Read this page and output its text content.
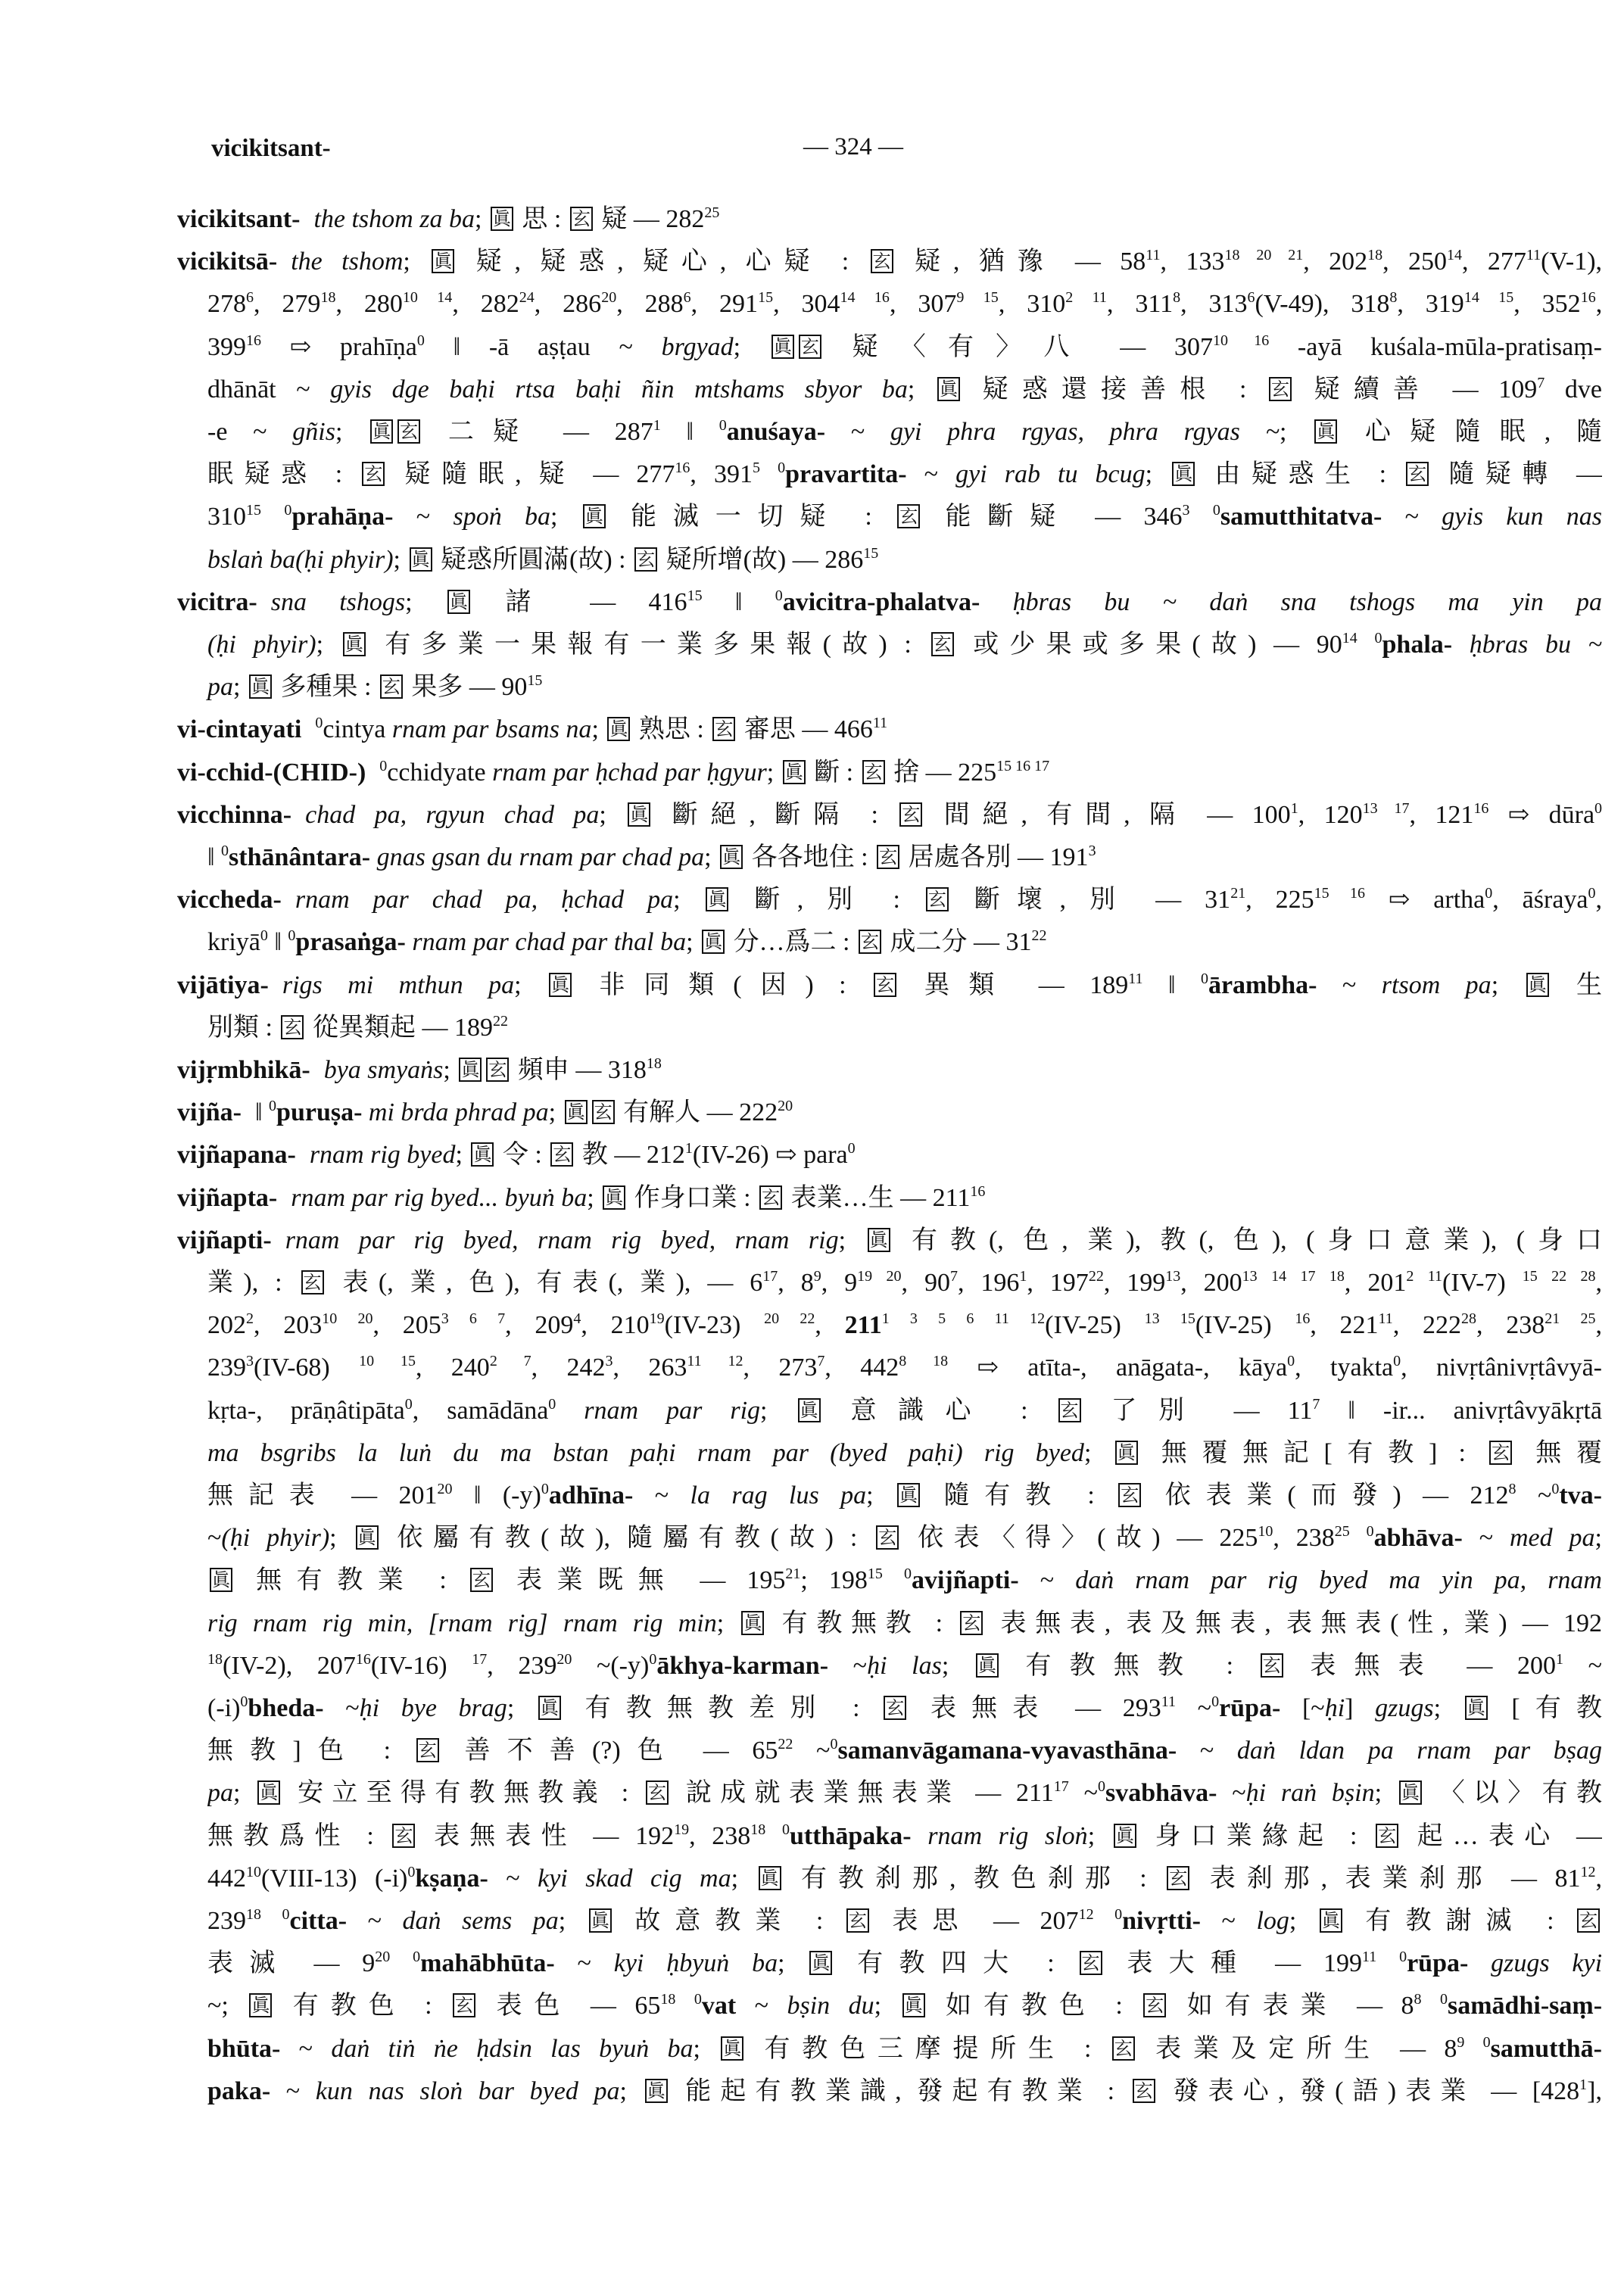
vicikitsant-	— 324 —
vicikitsant- the tshom za ba; 眞 思 : 玄 疑 — $282^{25}$
vicikitsā- the tshom; 眞 疑, 疑惑, 疑心, 心疑 : 玄 疑, 猶豫 — $58^{11}$, $133^{18 20 21}$, $202^{18}$, $250^{14}$, $277^{11}(V-1)$,
$278^6$, $279^{18}$, $280^{10 14}$, $282^{24}$, $286^{20}$, $288^6$, $291^{15}$, $304^{14 16}$, $307^{9 15}$, $310^{2 11}$, $311^8$, $313^6(V-49)$, $318^8$, $319^{14 15}$, $352^{16}$,
$399^{16}$ ⇨ prahīṇa$^0$ ‖ -ā aṣṭau ~ brgyad; 眞 玄 疑〈有〉八 — $307^{10 16}$ -ayā kuśala-mūla-pratisaṃ-
dhānāt ~ gyis dge baḥi rtsa baḥi ñin mtshams sbyor ba; 眞 疑惑還接善根 : 玄 疑續善 — $109^7$ dve
-e ~ gñis; 眞 玄 二疑 — $287^1$ ‖ $^0$anuśaya- ~ gyi phra rgyas, phra rgyas ~; 眞 心疑隨眠, 隨
眠疑惑 : 玄 疑隨眠, 疑 — $277^{16}$, $391^5$ $^0$pravartita- ~ gyi rab tu bcug; 眞 由疑惑生 : 玄 隨疑轉 —
$310^{15}$ $^0$prahāṇa- ~ spoṅ ba; 眞 能滅一切疑 : 玄 能斷疑 — $346^3$ $^0$samutthitatva- ~ gyis kun nas
bslaṅ ba(ḥi phyir); 眞 疑惑所圓滿(故) : 玄 疑所增(故) — $286^{15}$
vicitra- sna tshogs; 眞 諸 — $416^{15}$ ‖ $^0$avicitra-phalatva- ḥbras bu ~ daṅ sna tshogs ma yin pa
(ḥi phyir); 眞 有多業一果報有一業多果報(故) : 玄 或少果或多果(故) — $90^{14}$ $^0$phala- ḥbras bu ~
pa; 眞 多種果 : 玄 果多 — $90^{15}$
vi-cintayati $^0$cintya rnam par bsams na; 眞 熟思 : 玄 審思 — $466^{11}$
vi-cchid-(CHID-) $^0$cchidyate rnam par ḥchad par ḥgyur; 眞 斷 : 玄 捨 — $225^{15 16 17}$
vicchinna- chad pa, rgyun chad pa; 眞 斷絕, 斷隔 : 玄 間絕, 有間, 隔 — $100^1$, $120^{13 17}$, $121^{16}$ ⇨ dūra$^0$
‖ $^0$sthānântara- gnas gsan du rnam par chad pa; 眞 各各地住 : 玄 居處各別 — $191^3$
viccheda- rnam par chad pa, ḥchad pa; 眞 斷, 別 : 玄 斷壞, 別 — $31^{21}$, $225^{15 16}$ ⇨ artha$^0$, āśraya$^0$,
kriyā$^0$ ‖ $^0$prasaṅga- rnam par chad par thal ba; 眞 分…爲二 : 玄 成二分 — $31^{22}$
vijātiya- rigs mi mthun pa; 眞 非同類(因) : 玄 異類 — $189^{11}$ ‖ $^0$ārambha- ~ rtsom pa; 眞 生
別類 : 玄 從異類起 — $189^{22}$
vijṛmbhikā- bya smyaṅs; 眞 玄 頻申 — $318^{18}$
vijña- ‖ $^0$puruṣa- mi brda phrad pa; 眞 玄 有解人 — $222^{20}$
vijñapana- rnam rig byed; 眞 令 : 玄 教 — $212^1(IV-26)$ ⇨ para$^0$
vijñapta- rnam par rig byed... byuṅ ba; 眞 作身口業 : 玄 表業…生 — $211^{16}$
vijñapti- rnam par rig byed, rnam rig byed, rnam rig; 眞 有教(, 色, 業), 教(, 色), (身口意業), (身口
業), : 玄 表(, 業, 色), 有表(, 業), — $6^{17}$, $8^9$, $9^{19 20}$, $90^7$, $196^1$, $197^{22}$, $199^{13}$, $200^{13 14 17 18}$, $201^{2 11}(IV-7)$ $^{15 22 28}$,
$202^2$, $203^{10 20}$, $205^{3 6 7}$, $209^4$, $210^{19}(IV-23)$ $^{20 22}$, $211^{1 3 5 6 11 12}(IV-25)$ $^{13 15}$(IV-25) $^{16}$, $221^{11}$, $222^{28}$, $238^{21 25}$,
$239^3(IV-68)$ $^{10 15}$, $240^{2 7}$, $242^3$, $263^{11 12}$, $273^7$, $442^{8 18}$ ⇨ atīta-, anāgata-, kāya$^0$, tyakta$^0$, nivṛtânivṛtâvyā-
kṛta-, prāṇâtipāta$^0$, samādāna$^0$ rnam par rig; 眞 意識心 : 玄 了別 — $11^7$ ‖ -ir... anivṛtâvyākṛtā
ma bsgribs la luṅ du ma bstan paḥi rnam par (byed paḥi) rig byed; 眞 無覆無記[有教] : 玄 無覆
無記表 — $201^{20}$ ‖ $(-y)^0adhīna-$ ~ la rag lus pa; 眞 隨有教 : 玄 依表業(而發) — $212^8$ ~$^0$tva-
~(ḥi phyir); 眞 依屬有教(故), 隨屬有教(故) : 玄 依表〈得〉(故) — $225^{10}$, $238^{25}$ $^0$abhāva- ~ med pa;
眞 無有教業 : 玄 表業既無 — $195^{21}$; $198^{15}$ $^0$avijñapti- ~ daṅ rnam par rig byed ma yin pa, rnam
rig rnam rig min, [rnam rig] rnam rig min; 眞 有教無教 : 玄 表無表, 表及無表, 表無表(性, 業) — 192
$^{18}$(IV-2), $207^{16}(IV-16)$ $^{17}$, $239^{20}$ $\sim(-y)^0ākhya-karman-$ ~ḥi las; 眞 有教無教 : 玄 表無表 — $200^1$ ~
$(-i)^0bheda-$ ~ḥi bye brag; 眞 有教無教差別 : 玄 表無表 — $293^{11}$ ~$^0$rūpa- [~ḥi] gzugs; 眞 [有教
無教]色 : 玄 善不善(?)色 — $65^{22}$ ~$^0$samanvāgamana-vyavasthāna- ~ daṅ ldan pa rnam par bṣag
pa; 眞 安立至得有教無教義 : 玄 說成就表業無表業 — $211^{17}$ ~$^0$svabhāva- ~ḥi raṅ bṣin; 眞 〈以〉有教
無教爲性 : 玄 表無表性 — $192^{19}$, $238^{18}$ $^0$utthāpaka- rnam rig sloṅ; 眞 身口業緣起 : 玄 起…表心 —
$442^{10}(VIII-13)$ $(-i)^0kṣaṇa-$ ~ kyi skad cig ma; 眞 有教刹那, 教色刹那 : 玄 表刹那, 表業刹那 — $81^{12}$,
$239^{18}$ $^0$citta- ~ daṅ sems pa; 眞 故意教業 : 玄 表思 — $207^{12}$ $^0$nivṛtti- ~ log; 眞 有教謝滅 : 玄
表滅 — $9^{20}$ $^0$mahābhūta- ~ kyi ḥbyuṅ ba; 眞 有教四大 : 玄 表大種 — $199^{11}$ $^0$rūpa- gzugs kyi
~; 眞 有教色 : 玄 表色 — $65^{18}$ $^0$vat ~ bṣin du; 眞 如有教色 : 玄 如有表業 — $8^8$ $^0$samādhi-saṃ-
bhūta- ~ daṅ tiṅ ṅe ḥdsin las byuṅ ba; 眞 有教色三摩提所生 : 玄 表業及定所生 — $8^9$ $^0$samutthā-
paka- ~ kun nas sloṅ bar byed pa; 眞 能起有教業識, 發起有教業 : 玄 發表心, 發(語)表業 — $[428^1]$,
